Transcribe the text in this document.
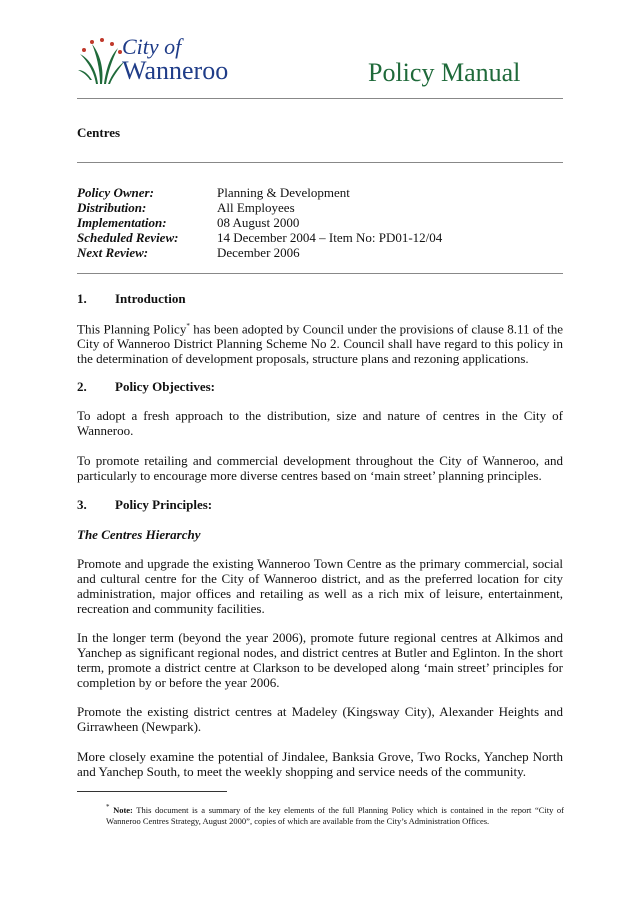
City of
Wanneroo	Policy Manual
Centres
Policy Owner:	Planning & Development
Distribution:	All Employees
Implementation:	08 August 2000
Scheduled Review:	14 December 2004 – Item No: PD01-12/04
Next Review:	December 2006
1. Introduction
This Planning Policy* has been adopted by Council under the provisions of clause 8.11 of the City of Wanneroo District Planning Scheme No 2. Council shall have regard to this policy in the determination of development proposals, structure plans and rezoning applications.
2. Policy Objectives:
To adopt a fresh approach to the distribution, size and nature of centres in the City of Wanneroo.
To promote retailing and commercial development throughout the City of Wanneroo, and particularly to encourage more diverse centres based on ‘main street’ planning principles.
3. Policy Principles:
The Centres Hierarchy
Promote and upgrade the existing Wanneroo Town Centre as the primary commercial, social and cultural centre for the City of Wanneroo district, and as the preferred location for city administration, major offices and retailing as well as a rich mix of leisure, entertainment, recreation and community facilities.
In the longer term (beyond the year 2006), promote future regional centres at Alkimos and Yanchep as significant regional nodes, and district centres at Butler and Eglinton. In the short term, promote a district centre at Clarkson to be developed along ‘main street’ principles for completion by or before the year 2006.
Promote the existing district centres at Madeley (Kingsway City), Alexander Heights and Girrawheen (Newpark).
More closely examine the potential of Jindalee, Banksia Grove, Two Rocks, Yanchep North and Yanchep South, to meet the weekly shopping and service needs of the community.
* Note: This document is a summary of the key elements of the full Planning Policy which is contained in the report “City of Wanneroo Centres Strategy, August 2000”, copies of which are available from the City’s Administration Offices.
